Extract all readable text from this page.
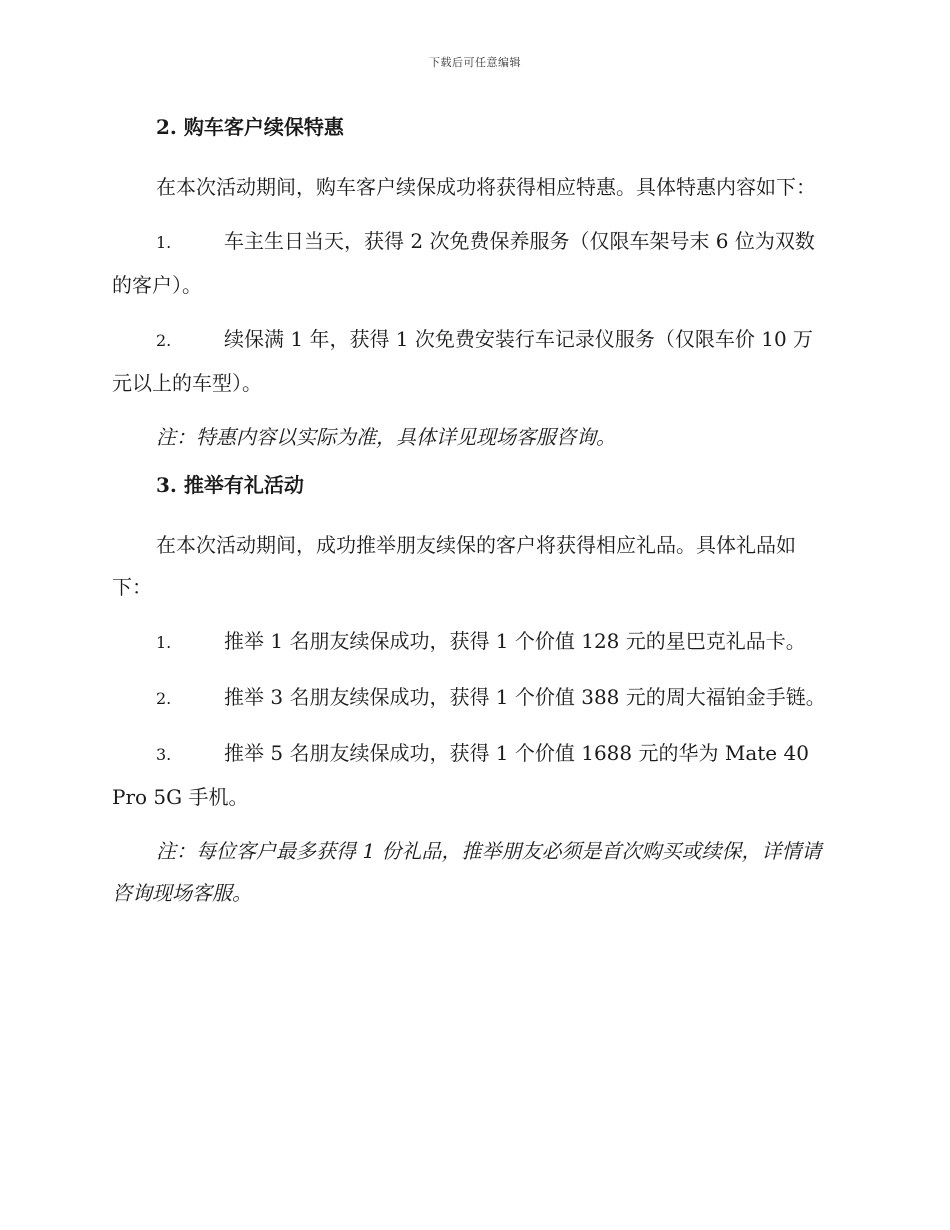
下载后可任意编辑

2. 购车客户续保特惠

在本次活动期间，购车客户续保成功将获得相应特惠。具体特惠内容如下：

1.	车主生日当天，获得 2 次免费保养服务（仅限车架号末 6 位为双数的客户）。

2.	续保满 1 年，获得 1 次免费安装行车记录仪服务（仅限车价 10 万元以上的车型）。

注：特惠内容以实际为准，具体详见现场客服咨询。

3. 推举有礼活动

在本次活动期间，成功推举朋友续保的客户将获得相应礼品。具体礼品如下：

1.	推举 1 名朋友续保成功，获得 1 个价值 128 元的星巴克礼品卡。

2.	推举 3 名朋友续保成功，获得 1 个价值 388 元的周大福铂金手链。

3.	推举 5 名朋友续保成功，获得 1 个价值 1688 元的华为 Mate 40 Pro 5G 手机。

注：每位客户最多获得 1 份礼品，推举朋友必须是首次购买或续保，详情请咨询现场客服。
